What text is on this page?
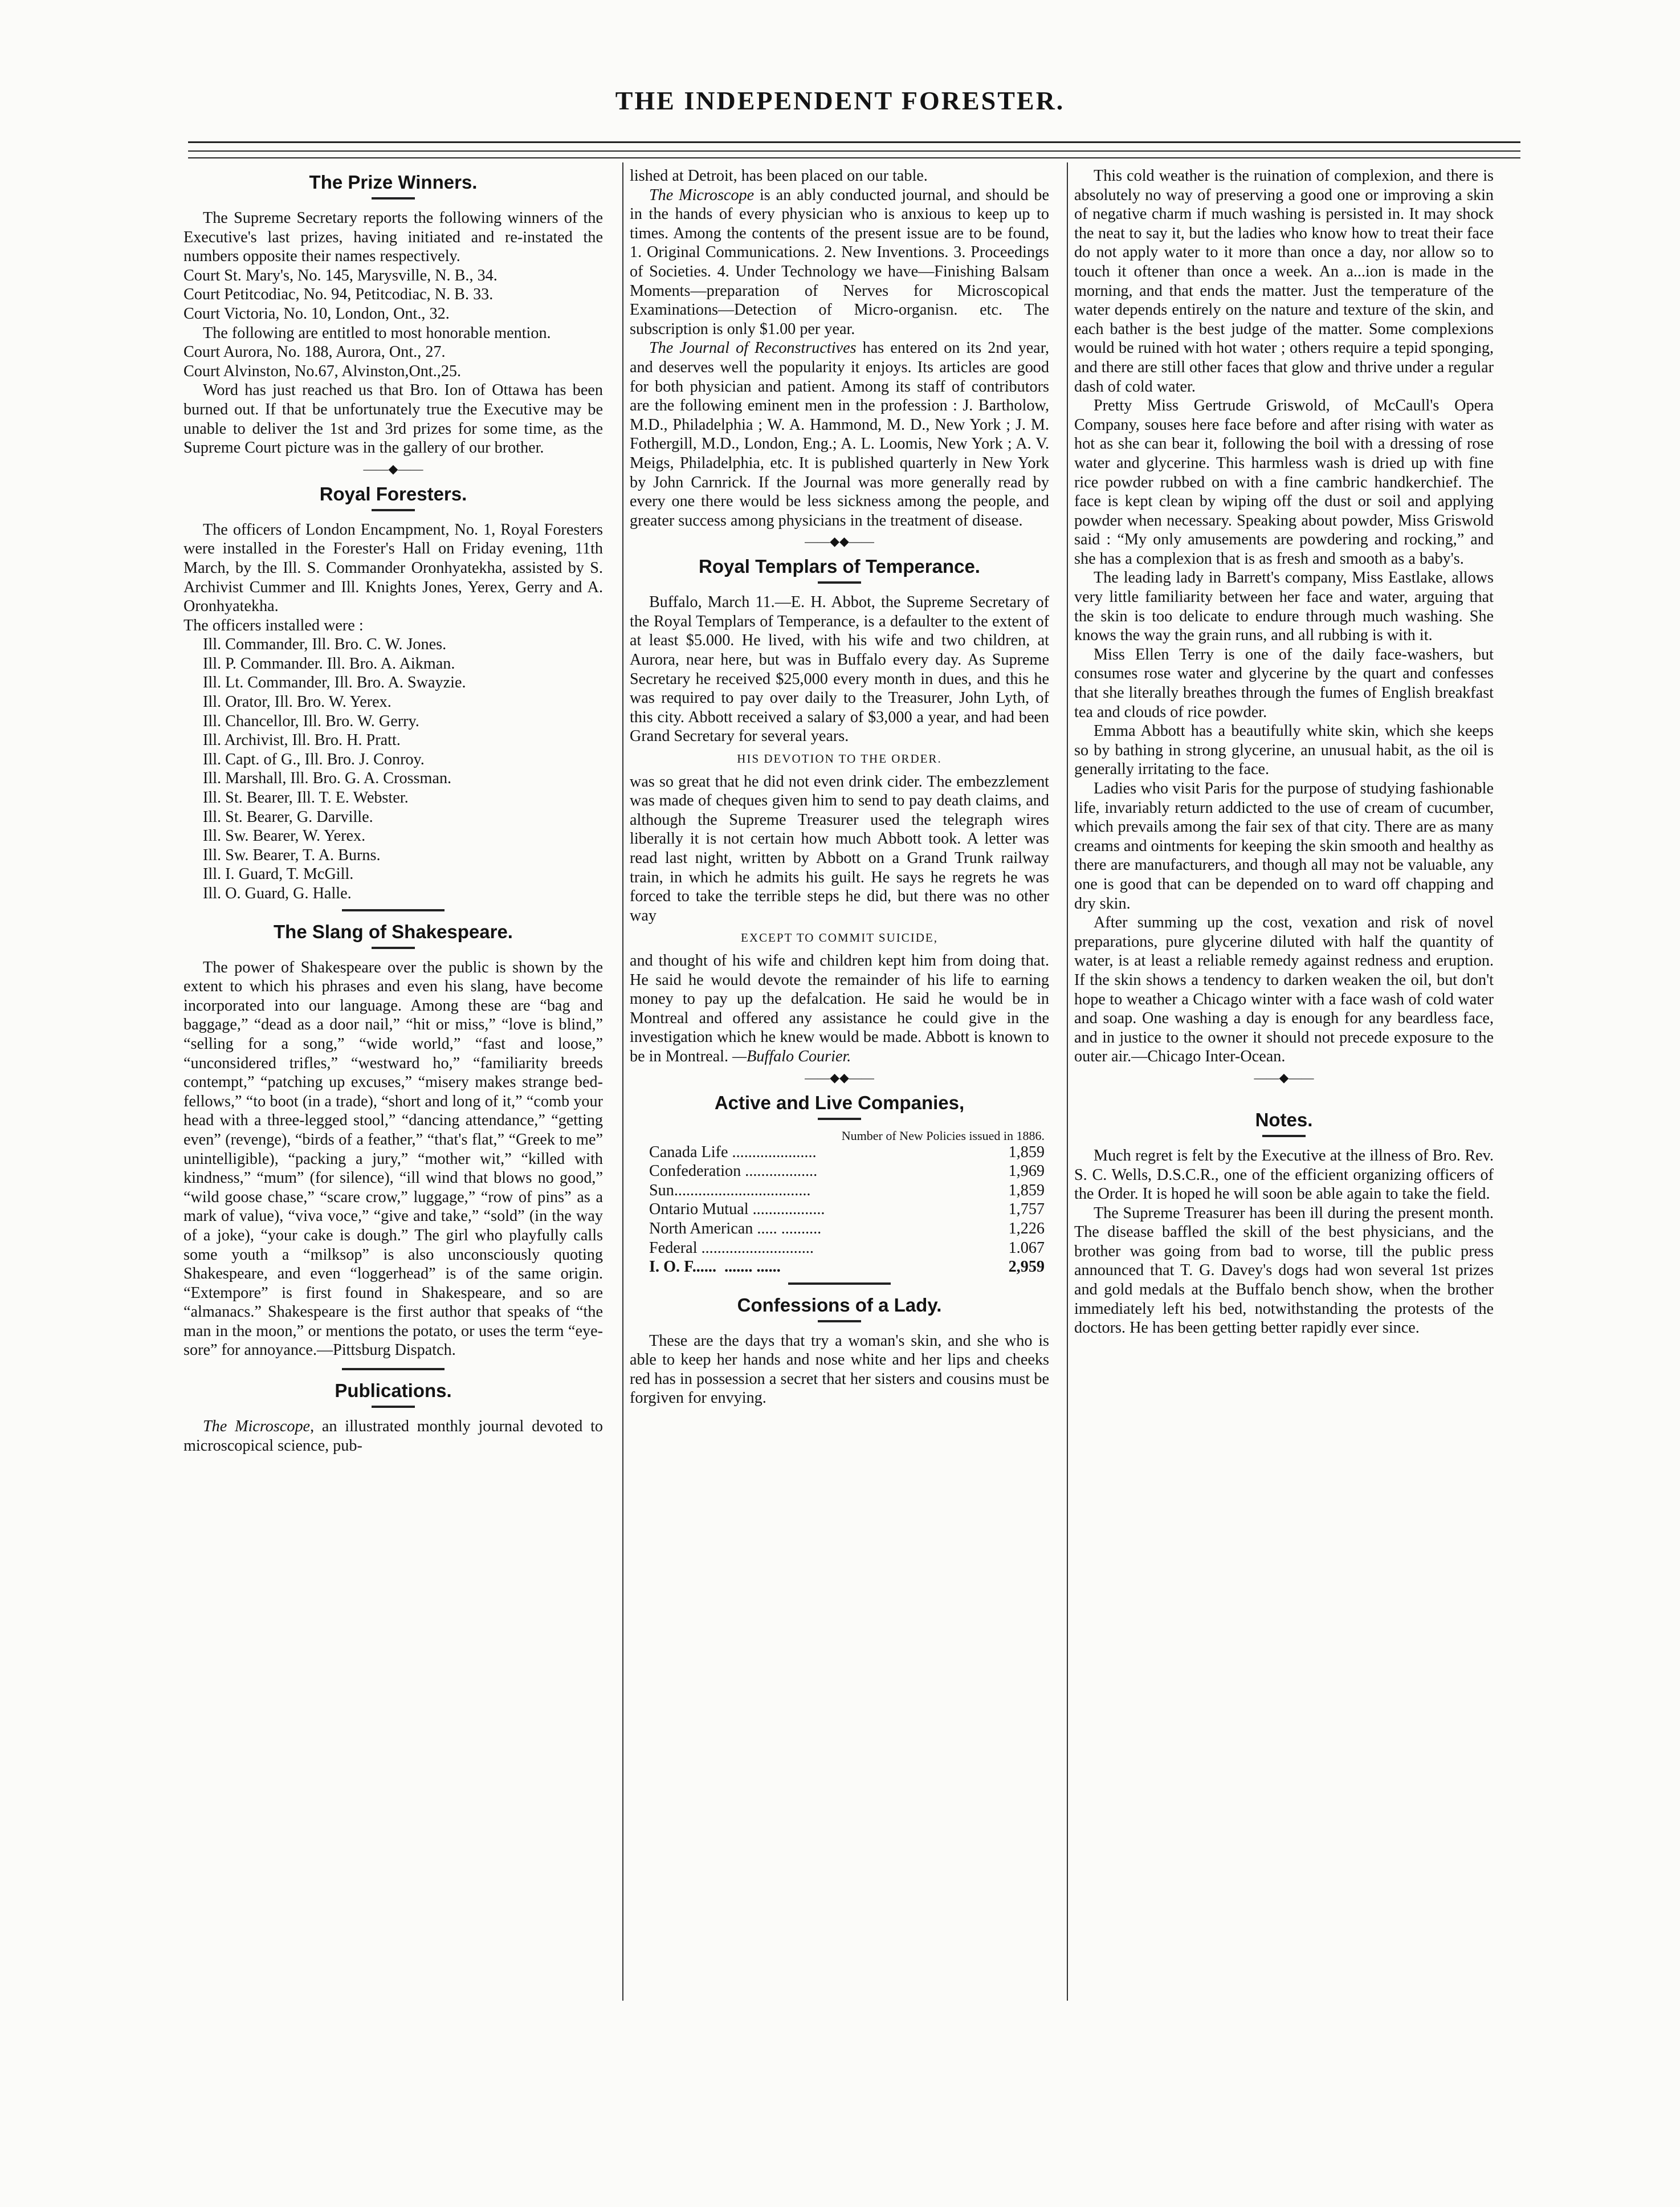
THE INDEPENDENT FORESTER.
The Prize Winners.

The Supreme Secretary reports the following winners of the Executive's last prizes, having initiated and re-instated the numbers opposite their names respectively.

Court St. Mary's, No. 145, Marysville, N. B., 34.

Court Petitcodiac, No. 94, Petitcodiac, N. B. 33.

Court Victoria, No. 10, London, Ont., 32.

The following are entitled to most honorable mention.

Court Aurora, No. 188, Aurora, Ont., 27.

Court Alvinston, No.67, Alvinston,Ont.,25.

Word has just reached us that Bro. Ion of Ottawa has been burned out. If that be unfortunately true the Executive may be unable to deliver the 1st and 3rd prizes for some time, as the Supreme Court picture was in the gallery of our brother.

——◆——
Royal Foresters.

The officers of London Encampment, No. 1, Royal Foresters were installed in the Forester's Hall on Friday evening, 11th March, by the Ill. S. Commander Oronhyatekha, assisted by S. Archivist Cummer and Ill. Knights Jones, Yerex, Gerry and A. Oronhyatekha.

The officers installed were :

Ill. Commander, Ill. Bro. C. W. Jones.
Ill. P. Commander. Ill. Bro. A. Aikman.
Ill. Lt. Commander, Ill. Bro. A. Swayzie.
Ill. Orator, Ill. Bro. W. Yerex.
Ill. Chancellor, Ill. Bro. W. Gerry.
Ill. Archivist, Ill. Bro. H. Pratt.
Ill. Capt. of G., Ill. Bro. J. Conroy.
Ill. Marshall, Ill. Bro. G. A. Crossman.
Ill. St. Bearer, Ill. T. E. Webster.
Ill. St. Bearer, G. Darville.
Ill. Sw. Bearer, W. Yerex.
Ill. Sw. Bearer, T. A. Burns.
Ill. I. Guard, T. McGill.
Ill. O. Guard, G. Halle.
The Slang of Shakespeare.

The power of Shakespeare over the public is shown by the extent to which his phrases and even his slang, have become incorporated into our language. Among these are “bag and baggage,” “dead as a door nail,” “hit or miss,” “love is blind,” “selling for a song,” “wide world,” “fast and loose,” “unconsidered trifles,” “westward ho,” “familiarity breeds contempt,” “patching up excuses,” “misery makes strange bed-fellows,” “to boot (in a trade), “short and long of it,” “comb your head with a three-legged stool,” “dancing attendance,” “getting even” (revenge), “birds of a feather,” “that's flat,” “Greek to me” unintelligible), “packing a jury,” “mother wit,” “killed with kindness,” “mum” (for silence), “ill wind that blows no good,” “wild goose chase,” “scare crow,” luggage,” “row of pins” as a mark of value), “viva voce,” “give and take,” “sold” (in the way of a joke), “your cake is dough.” The girl who playfully calls some youth a “milksop” is also unconsciously quoting Shakespeare, and even “loggerhead” is of the same origin. “Extempore” is first found in Shakespeare, and so are “almanacs.” Shakespeare is the first author that speaks of “the man in the moon,” or mentions the potato, or uses the term “eye-sore” for annoyance.—Pittsburg Dispatch.

Publications.

The Microscope, an illustrated monthly journal devoted to microscopical science, pub-

lished at Detroit, has been placed on our table.

The Microscope is an ably conducted journal, and should be in the hands of every physician who is anxious to keep up to times. Among the contents of the present issue are to be found, 1. Original Communications. 2. New Inventions. 3. Proceedings of Societies. 4. Under Technology we have—Finishing Balsam Moments—preparation of Nerves for Microscopical Examinations—Detection of Micro-organisn. etc. The subscription is only $1.00 per year.

The Journal of Reconstructives has entered on its 2nd year, and deserves well the popularity it enjoys. Its articles are good for both physician and patient. Among its staff of contributors are the following eminent men in the profession : J. Bartholow, M.D., Philadelphia ; W. A. Hammond, M. D., New York ; J. M. Fothergill, M.D., London, Eng.; A. L. Loomis, New York ; A. V. Meigs, Philadelphia, etc. It is published quarterly in New York by John Carnrick. If the Journal was more generally read by every one there would be less sickness among the people, and greater success among physicians in the treatment of disease.

——◆◆——
Royal Templars of Temperance.

Buffalo, March 11.—E. H. Abbot, the Supreme Secretary of the Royal Templars of Temperance, is a defaulter to the extent of at least $5.000. He lived, with his wife and two children, at Aurora, near here, but was in Buffalo every day. As Supreme Secretary he received $25,000 every month in dues, and this he was required to pay over daily to the Treasurer, John Lyth, of this city. Abbott received a salary of $3,000 a year, and had been Grand Secretary for several years.

HIS DEVOTION TO THE ORDER.

was so great that he did not even drink cider. The embezzlement was made of cheques given him to send to pay death claims, and although the Supreme Treasurer used the telegraph wires liberally it is not certain how much Abbott took. A letter was read last night, written by Abbott on a Grand Trunk railway train, in which he admits his guilt. He says he regrets he was forced to take the terrible steps he did, but there was no other way

EXCEPT TO COMMIT SUICIDE,

and thought of his wife and children kept him from doing that. He said he would devote the remainder of his life to earning money to pay up the defalcation. He said he would be in Montreal and offered any assistance he could give in the investigation which he knew would be made. Abbott is known to be in Montreal. —Buffalo Courier.

——◆◆——
Active and Live Companies,
Number of New Policies issued in 1886.
Canada Life .....................	1,859
Confederation ..................	1,969
Sun..................................	1,859
Ontario Mutual ..................	1,757
North American ..... ..........	1,226
Federal ............................	1.067
I. O. F......  ....... ......	2,959
Confessions of a Lady.

These are the days that try a woman's skin, and she who is able to keep her hands and nose white and her lips and cheeks red has in possession a secret that her sisters and cousins must be forgiven for envying.

This cold weather is the ruination of complexion, and there is absolutely no way of preserving a good one or improving a skin of negative charm if much washing is persisted in. It may shock the neat to say it, but the ladies who know how to treat their face do not apply water to it more than once a day, nor allow so to touch it oftener than once a week. An a...ion is made in the morning, and that ends the matter. Just the temperature of the water depends entirely on the nature and texture of the skin, and each bather is the best judge of the matter. Some complexions would be ruined with hot water ; others require a tepid sponging, and there are still other faces that glow and thrive under a regular dash of cold water.

Pretty Miss Gertrude Griswold, of McCaull's Opera Company, souses here face before and after rising with water as hot as she can bear it, following the boil with a dressing of rose water and glycerine. This harmless wash is dried up with fine rice powder rubbed on with a fine cambric handkerchief. The face is kept clean by wiping off the dust or soil and applying powder when necessary. Speaking about powder, Miss Griswold said : “My only amusements are powdering and rocking,” and she has a complexion that is as fresh and smooth as a baby's.

The leading lady in Barrett's company, Miss Eastlake, allows very little familiarity between her face and water, arguing that the skin is too delicate to endure through much washing. She knows the way the grain runs, and all rubbing is with it.

Miss Ellen Terry is one of the daily face-washers, but consumes rose water and glycerine by the quart and confesses that she literally breathes through the fumes of English breakfast tea and clouds of rice powder.

Emma Abbott has a beautifully white skin, which she keeps so by bathing in strong glycerine, an unusual habit, as the oil is generally irritating to the face.

Ladies who visit Paris for the purpose of studying fashionable life, invariably return addicted to the use of cream of cucumber, which prevails among the fair sex of that city. There are as many creams and ointments for keeping the skin smooth and healthy as there are manufacturers, and though all may not be valuable, any one is good that can be depended on to ward off chapping and dry skin.

After summing up the cost, vexation and risk of novel preparations, pure glycerine diluted with half the quantity of water, is at least a reliable remedy against redness and eruption. If the skin shows a tendency to darken weaken the oil, but don't hope to weather a Chicago winter with a face wash of cold water and soap. One washing a day is enough for any beardless face, and in justice to the owner it should not precede exposure to the outer air.—Chicago Inter-Ocean.

——◆——
Notes.

Much regret is felt by the Executive at the illness of Bro. Rev. S. C. Wells, D.S.C.R., one of the efficient organizing officers of the Order. It is hoped he will soon be able again to take the field.

The Supreme Treasurer has been ill during the present month. The disease baffled the skill of the best physicians, and the brother was going from bad to worse, till the public press announced that T. G. Davey's dogs had won several 1st prizes and gold medals at the Buffalo bench show, when the brother immediately left his bed, notwithstanding the protests of the doctors. He has been getting better rapidly ever since.
